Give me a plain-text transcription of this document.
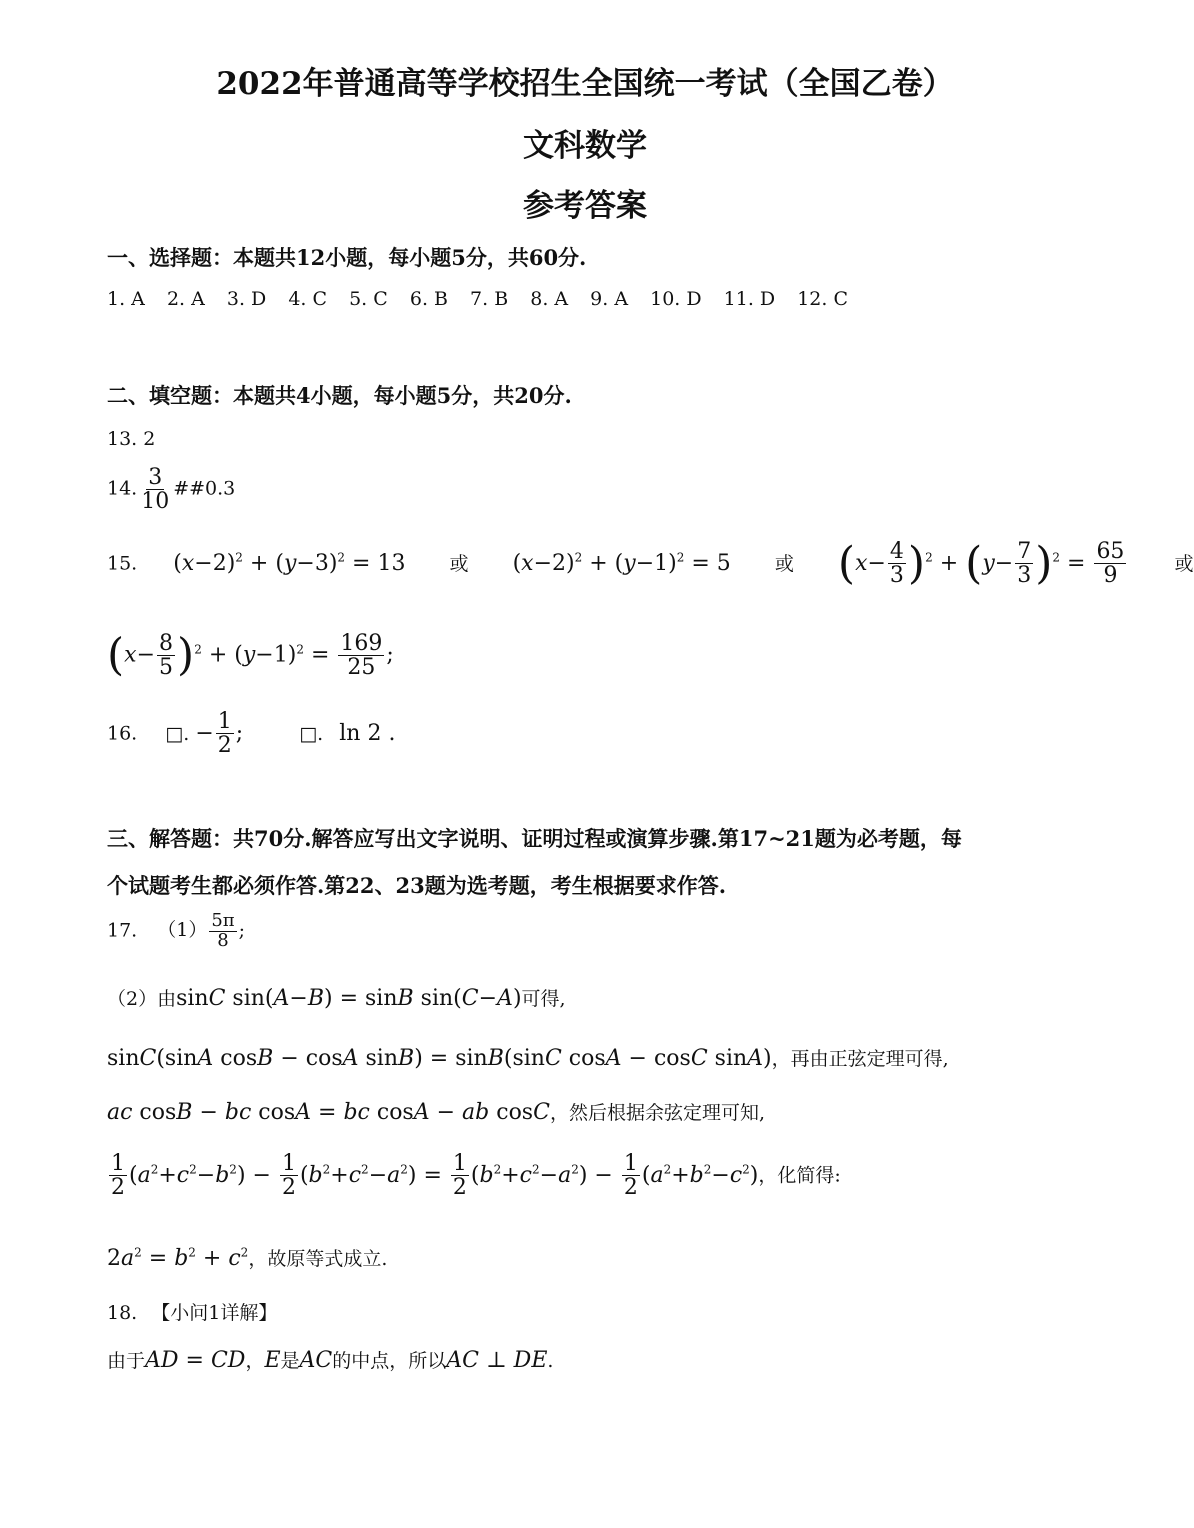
2022年普通高等学校招生全国统一考试（全国乙卷）
文科数学
参考答案
一、选择题：本题共12小题，每小题5分，共60分.
1. A 2. A 3. D 4. C 5. C 6. B 7. B 8. A 9. A 10. D 11. D 12. C
二、填空题：本题共4小题，每小题5分，共20分.
13. 2
14. $\frac{3}{10}$ ##0.3
15. $(x-2)^2 + (y-3)^2 = 13$ 或 $(x-2)^2 + (y-1)^2 = 5$ 或 $(x- \frac{4}{3} )^2 + (y- \frac{7}{3} )^2 = \frac{65}{9}$	或
$(x- \frac{8}{5} )^2 + (y-1)^2 = \frac{169}{25}$ ;
16. □. − $\frac{1}{2}$ ;	□. ln 2 .
三、解答题：共70分.解答应写出文字说明、证明过程或演算步骤.第17~21题为必考题，每
个试题考生都必须作答.第22、23题为选考题，考生根据要求作答.
17. $(1) \frac{5\pi}{8}$ ;
（2）由sinC sin(A−B) = sinB sin(C−A)可得,
sinC(sinA cosB − cosA sinB) = sinB(sinC cosA − cosC sinA)，再由正弦定理可得,
ac cosB − bc cosA = bc cosA − ab cosC，然后根据余弦定理可知,
$\frac{1}{2} (a^2+c^2-b^2) - \frac{1}{2} (b^2+c^2-a^2) = \frac{1}{2} (b^2+c^2-a^2) - \frac{1}{2} (a^2+b^2-c^2)$，化简得:
$2a^2 = b^2 + c^2$，故原等式成立.
18. 【小问1详解】
由于AD = CD，E是AC的中点，所以AC ⊥ DE.
